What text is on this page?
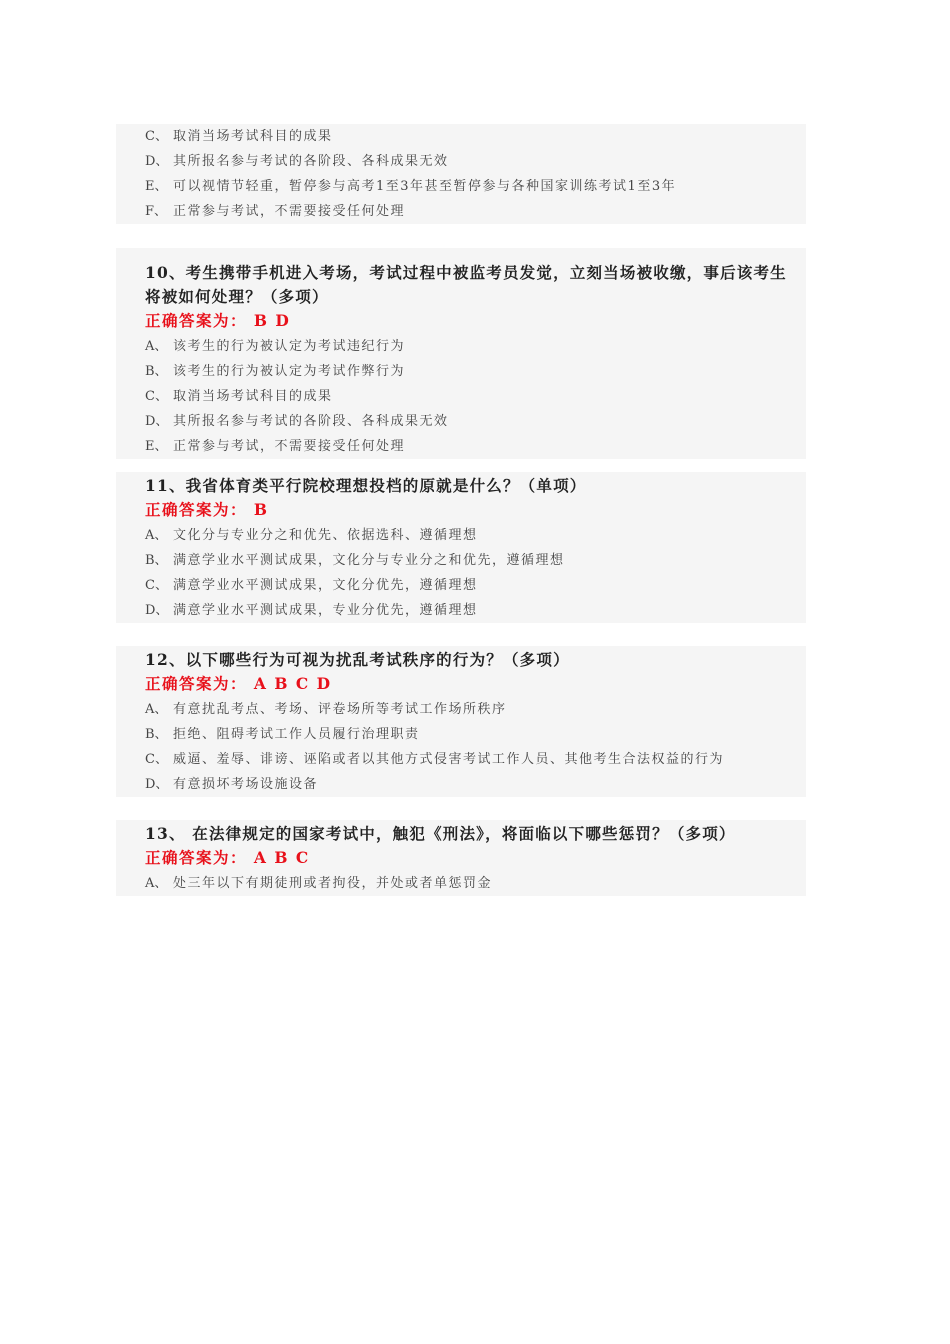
C、 取消当场考试科目的成果
D、 其所报名参与考试的各阶段、各科成果无效
E、 可以视情节轻重，暂停参与高考1至3年甚至暂停参与各种国家训练考试1至3年
F、 正常参与考试，不需要接受任何处理
10、考生携带手机进入考场，考试过程中被监考员发觉，立刻当场被收缴，事后该考生将被如何处理？（多项）
正确答案为： B D
A、 该考生的行为被认定为考试违纪行为
B、 该考生的行为被认定为考试作弊行为
C、 取消当场考试科目的成果
D、 其所报名参与考试的各阶段、各科成果无效
E、 正常参与考试，不需要接受任何处理
11、我省体育类平行院校理想投档的原就是什么？（单项）
正确答案为： B
A、 文化分与专业分之和优先、依据选科、遵循理想
B、 满意学业水平测试成果，文化分与专业分之和优先，遵循理想
C、 满意学业水平测试成果，文化分优先，遵循理想
D、 满意学业水平测试成果，专业分优先，遵循理想
12、以下哪些行为可视为扰乱考试秩序的行为？（多项）
正确答案为： A B C D
A、 有意扰乱考点、考场、评卷场所等考试工作场所秩序
B、 拒绝、阻碍考试工作人员履行治理职责
C、 威逼、羞辱、诽谤、诬陷或者以其他方式侵害考试工作人员、其他考生合法权益的行为
D、 有意损坏考场设施设备
13、 在法律规定的国家考试中，触犯《刑法》，将面临以下哪些惩罚？（多项）
正确答案为： A B C
A、 处三年以下有期徒刑或者拘役，并处或者单惩罚金
